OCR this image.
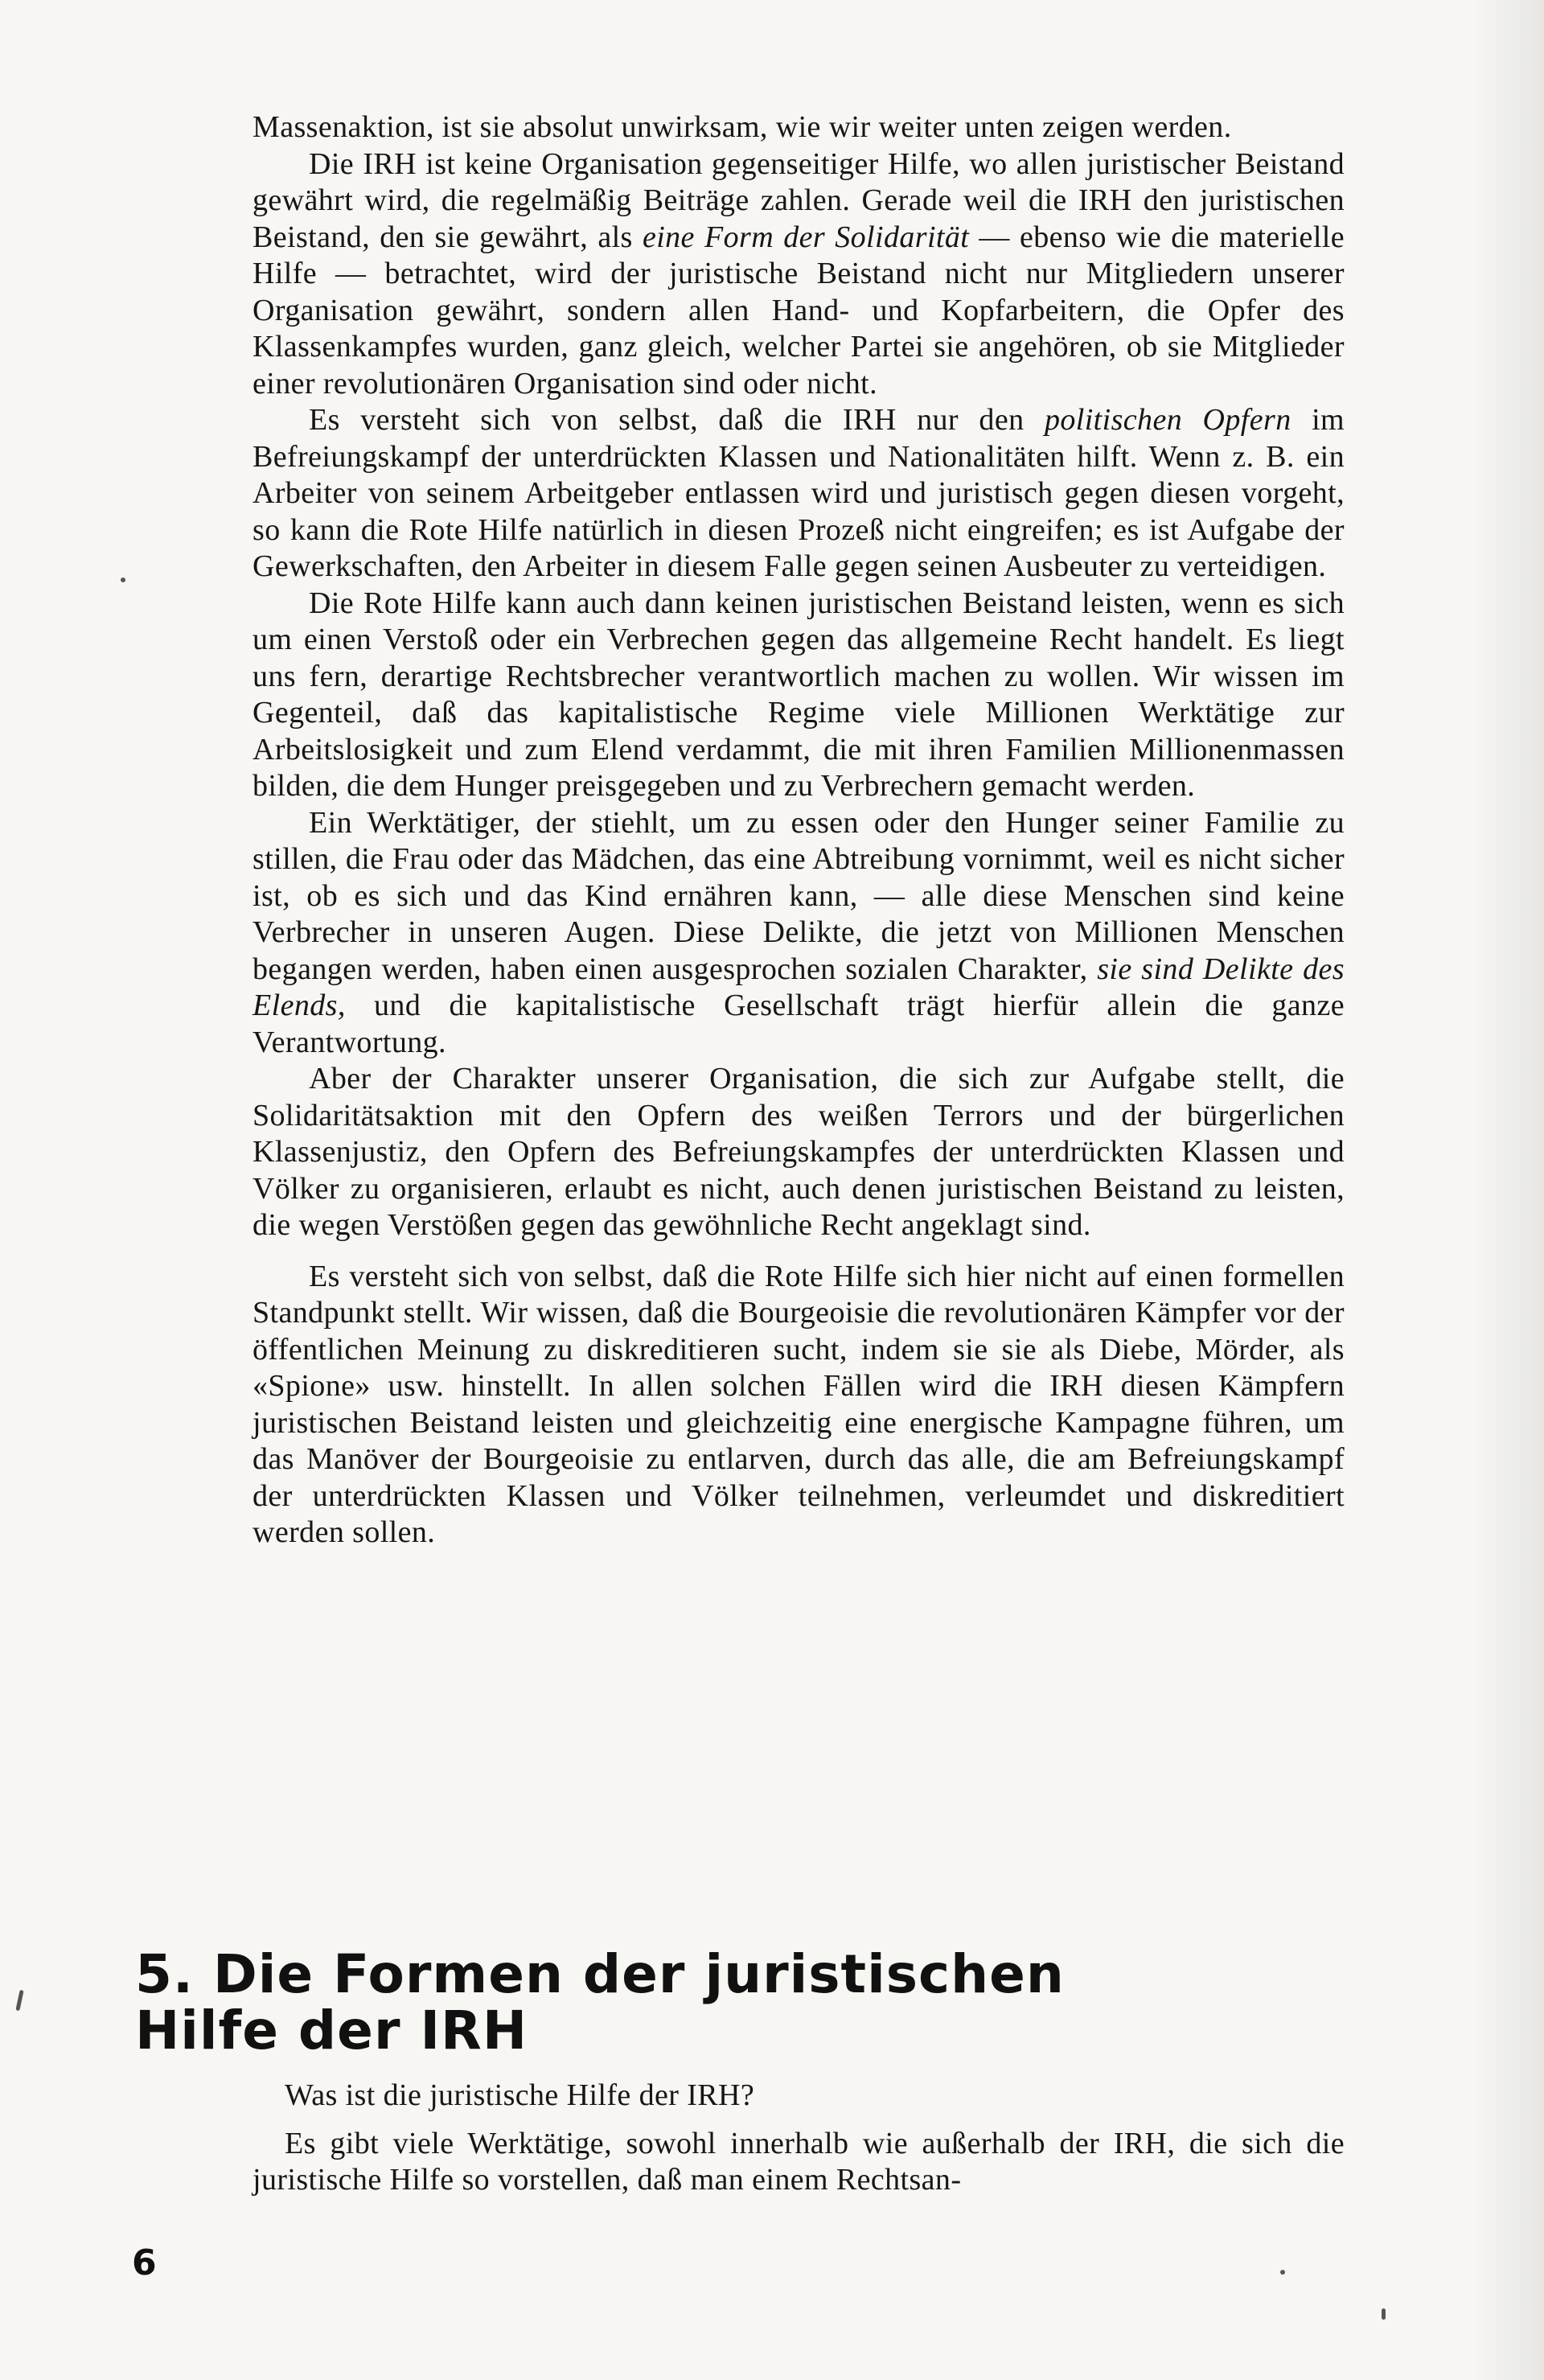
Massenaktion, ist sie absolut unwirksam, wie wir weiter unten zeigen werden.

Die IRH ist keine Organisation gegenseitiger Hilfe, wo allen juristischer Beistand gewährt wird, die regelmäßig Beiträge zahlen. Gerade weil die IRH den juristischen Beistand, den sie gewährt, als eine Form der Solidarität — ebenso wie die materielle Hilfe — betrachtet, wird der juristische Beistand nicht nur Mitgliedern unserer Organisation gewährt, sondern allen Hand- und Kopfarbeitern, die Opfer des Klassenkampfes wurden, ganz gleich, welcher Partei sie angehören, ob sie Mitglieder einer revolutionären Organisation sind oder nicht.

Es versteht sich von selbst, daß die IRH nur den politischen Opfern im Befreiungskampf der unterdrückten Klassen und Nationalitäten hilft. Wenn z. B. ein Arbeiter von seinem Arbeitgeber entlassen wird und juristisch gegen diesen vorgeht, so kann die Rote Hilfe natürlich in diesen Prozeß nicht eingreifen; es ist Aufgabe der Gewerkschaften, den Arbeiter in diesem Falle gegen seinen Ausbeuter zu verteidigen.

Die Rote Hilfe kann auch dann keinen juristischen Beistand leisten, wenn es sich um einen Verstoß oder ein Verbrechen gegen das allgemeine Recht handelt. Es liegt uns fern, derartige Rechtsbrecher verantwortlich machen zu wollen. Wir wissen im Gegenteil, daß das kapitalistische Regime viele Millionen Werktätige zur Arbeitslosigkeit und zum Elend verdammt, die mit ihren Familien Millionenmassen bilden, die dem Hunger preisgegeben und zu Verbrechern gemacht werden.

Ein Werktätiger, der stiehlt, um zu essen oder den Hunger seiner Familie zu stillen, die Frau oder das Mädchen, das eine Abtreibung vornimmt, weil es nicht sicher ist, ob es sich und das Kind ernähren kann, — alle diese Menschen sind keine Verbrecher in unseren Augen. Diese Delikte, die jetzt von Millionen Menschen begangen werden, haben einen ausgesprochen sozialen Charakter, sie sind Delikte des Elends, und die kapitalistische Gesellschaft trägt hierfür allein die ganze Verantwortung.

Aber der Charakter unserer Organisation, die sich zur Aufgabe stellt, die Solidaritätsaktion mit den Opfern des weißen Terrors und der bürgerlichen Klassenjustiz, den Opfern des Befreiungskampfes der unterdrückten Klassen und Völker zu organisieren, erlaubt es nicht, auch denen juristischen Beistand zu leisten, die wegen Verstößen gegen das gewöhnliche Recht angeklagt sind.

Es versteht sich von selbst, daß die Rote Hilfe sich hier nicht auf einen formellen Standpunkt stellt. Wir wissen, daß die Bourgeoisie die revolutionären Kämpfer vor der öffentlichen Meinung zu diskreditieren sucht, indem sie sie als Diebe, Mörder, als «Spione» usw. hinstellt. In allen solchen Fällen wird die IRH diesen Kämpfern juristischen Beistand leisten und gleichzeitig eine energische Kampagne führen, um das Manöver der Bourgeoisie zu entlarven, durch das alle, die am Befreiungskampf der unterdrückten Klassen und Völker teilnehmen, verleumdet und diskreditiert werden sollen.

5. Die Formen der juristischen
Hilfe der IRH

Was ist die juristische Hilfe der IRH?

Es gibt viele Werktätige, sowohl innerhalb wie außerhalb der IRH, die sich die juristische Hilfe so vorstellen, daß man einem Rechtsan-

6
